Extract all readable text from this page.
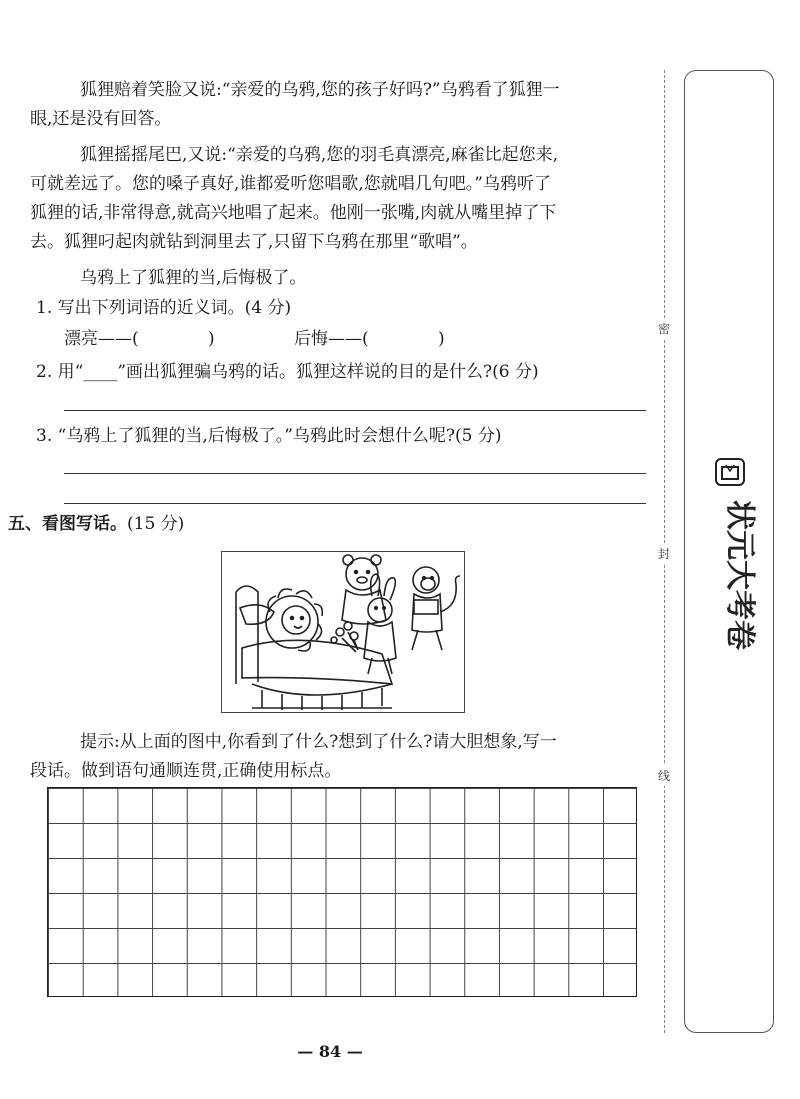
狐狸赔着笑脸又说:“亲爱的乌鸦,您的孩子好吗?”乌鸦看了狐狸一
眼,还是没有回答。
狐狸摇摇尾巴,又说:“亲爱的乌鸦,您的羽毛真漂亮,麻雀比起您来,
可就差远了。您的嗓子真好,谁都爱听您唱歌,您就唱几句吧。”乌鸦听了
狐狸的话,非常得意,就高兴地唱了起来。他刚一张嘴,肉就从嘴里掉了下
去。狐狸叼起肉就钻到洞里去了,只留下乌鸦在那里“歌唱”。
乌鸦上了狐狸的当,后悔极了。
1. 写出下列词语的近义词。(4 分)
漂亮——(	)	后悔——(	)
2. 用“____”画出狐狸骗乌鸦的话。狐狸这样说的目的是什么?(6 分)
3. “乌鸦上了狐狸的当,后悔极了。”乌鸦此时会想什么呢?(5 分)
五、看图写话。(15 分)
提示:从上面的图中,你看到了什么?想到了什么?请大胆想象,写一
段话。做到语句通顺连贯,正确使用标点。
— 84 —
密
封
线
状元大考卷
